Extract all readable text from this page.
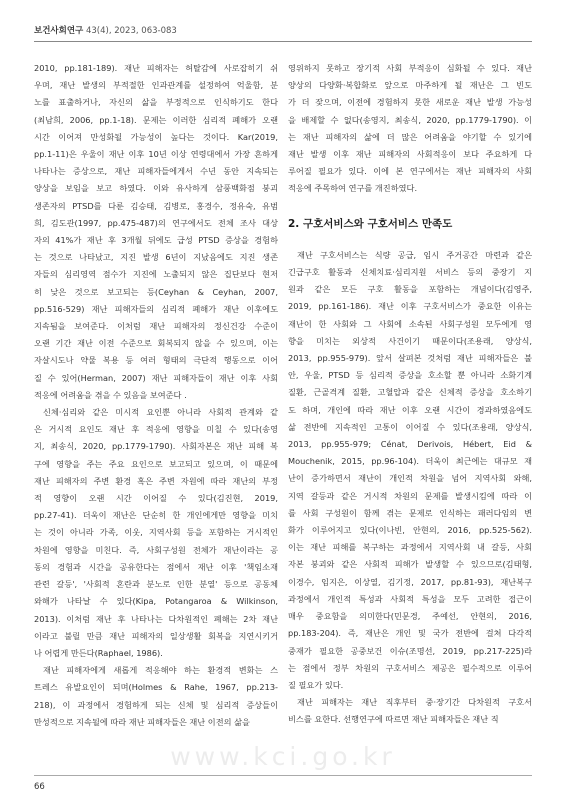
보건사회연구 43(4), 2023, 063-083
2010, pp.181-189). 재난 피해자는 허탈감에 사로잡히기 쉬
우며, 재난 발생의 부적절한 인과관계를 설정하여 억울함, 분
노를 표출하거나, 자신의 삶을 부정적으로 인식하기도 한다
(최남희, 2006, pp.1-18). 문제는 이러한 심리적 폐해가 오랜
시간 이어져 만성화될 가능성이 높다는 것이다. Kar(2019,
pp.1-11)은 우울이 재난 이후 10년 이상 연령대에서 가장 흔하게
나타나는 증상으로, 재난 피해자들에게서 수년 동안 지속되는
양상을 보임을 보고 하였다. 이와 유사하게 삼풍백화점 붕괴
생존자의 PTSD를 다룬 김승태, 김병로, 홍경수, 정유숙, 유범
희, 김도관(1997, pp.475-487)의 연구에서도 전체 조사 대상
자의 41%가 재난 후 3개월 뒤에도 급성 PTSD 증상을 경험하
는 것으로 나타났고, 지진 발생 6년이 지났음에도 지진 생존
자들의 심리영역 점수가 지진에 노출되지 않은 집단보다 현저
히 낮은 것으로 보고되는 등(Ceyhan & Ceyhan, 2007,
pp.516-529) 재난 피해자들의 심리적 폐해가 재난 이후에도
지속됨을 보여준다. 이처럼 재난 피해자의 정신건강 수준이
오랜 기간 재난 이전 수준으로 회복되지 않을 수 있으며, 이는
자살시도나 약물 복용 등 여러 형태의 극단적 행동으로 이어
질 수 있어(Herman, 2007) 재난 피해자들이 재난 이후 사회
적응에 어려움을 겪을 수 있음을 보여준다 .
신체·심리와 같은 미시적 요인뿐 아니라 사회적 관계와 같
은 거시적 요인도 재난 후 적응에 영향을 미칠 수 있다(송영
지, 최송식, 2020, pp.1779-1790). 사회자본은 재난 피해 복
구에 영향을 주는 주요 요인으로 보고되고 있으며, 이 때문에
재난 피해자의 주변 환경 혹은 주변 자원에 따라 재난의 부정
적 영향이 오랜 시간 이어질 수 있다(김진현, 2019,
pp.27-41). 더욱이 재난은 단순히 한 개인에게만 영향을 미치
는 것이 아니라 가족, 이웃, 지역사회 등을 포함하는 거시적인
차원에 영향을 미친다. 즉, 사회구성원 전체가 재난이라는 공
동의 경험과 시간을 공유한다는 점에서 재난 이후 '책임소재
관련 갈등', '사회적 혼란과 분노로 인한 분열' 등으로 공동체
와해가 나타날 수 있다(Kipa, Potangaroa & Wilkinson,
2013). 이처럼 재난 후 나타나는 다차원적인 폐해는 2차 재난
이라고 불릴 만큼 재난 피해자의 일상생활 회복을 지연시키거
나 어렵게 만든다(Raphael, 1986).
재난 피해자에게 새롭게 적응해야 하는 환경적 변화는 스
트레스 유발요인이 되며(Holmes & Rahe, 1967, pp.213-
218), 이 과정에서 경험하게 되는 신체 및 심리적 증상들이
만성적으로 지속될에 따라 재난 피해자들은 재난 이전의 삶을
영위하지 못하고 장기적 사회 부적응이 심화될 수 있다. 재난
양상의 다양화·복합화로 앞으로 마주하게 될 재난은 그 빈도
가 더 잦으며, 이전에 경험하지 못한 새로운 재난 발생 가능성
을 배제할 수 없다(송영지, 최송식, 2020, pp.1779-1790). 이
는 재난 피해자의 삶에 더 많은 어려움을 야기할 수 있기에
재난 발생 이후 재난 피해자의 사회적응이 보다 주요하게 다
루어질 필요가 있다. 이에 본 연구에서는 재난 피해자의 사회
적응에 주목하여 연구를 개진하였다.
2. 구호서비스와 구호서비스 만족도
재난 구호서비스는 식량 공급, 임시 주거공간 마련과 같은
긴급구호 활동과 신체치료·심리지원 서비스 등의 중장기 지
원과 같은 모든 구호 활동을 포함하는 개념이다(김영주,
2019, pp.161-186). 재난 이후 구호서비스가 중요한 이유는
재난이 한 사회와 그 사회에 소속된 사회구성원 모두에게 영
향을 미치는 외상적 사건이기 때문이다(조용래, 양상식,
2013, pp.955-979). 앞서 살펴본 것처럼 재난 피해자들은 불
안, 우울, PTSD 등 심리적 증상을 호소할 뿐 아니라 소화기계
질환, 근골격계 질환, 고혈압과 같은 신체적 증상을 호소하기
도 하며, 개인에 따라 재난 이후 오랜 시간이 경과하였음에도
삶 전반에 지속적인 고통이 이어질 수 있다(조용래, 양상식,
2013, pp.955-979; Cénat, Derivois, Hébert, Eid &
Mouchenik, 2015, pp.96-104). 더욱이 최근에는 대규모 재
난이 증가하면서 재난이 개인적 차원을 넘어 지역사회 와해,
지역 갈등과 같은 거시적 차원의 문제를 발생시킴에 따라 이
를 사회 구성원이 함께 겪는 문제로 인식하는 패러다임의 변
화가 이루어지고 있다(이나빈, 안현의, 2016, pp.525-562).
이는 재난 피해를 복구하는 과정에서 지역사회 내 갈등, 사회
자본 붕괴와 같은 사회적 피해가 발생할 수 있으므로(김태형,
이경수, 임지은, 이상열, 김기정, 2017, pp.81-93), 재난복구
과정에서 개인적 특성과 사회적 특성을 모두 고려한 접근이
매우 중요함을 의미한다(민문경, 주예선, 안현의, 2016,
pp.183-204). 즉, 재난은 개인 및 국가 전반에 걸쳐 다각적
중재가 필요한 공중보건 이슈(조명선, 2019, pp.217-225)라
는 점에서 정부 차원의 구호서비스 제공은 필수적으로 이루어
질 필요가 있다.
재난 피해자는 재난 직후부터 중·장기간 다차원적 구호서
비스를 요한다. 선행연구에 따르면 재난 피해자들은 재난 직
www.kci.go.kr
66
